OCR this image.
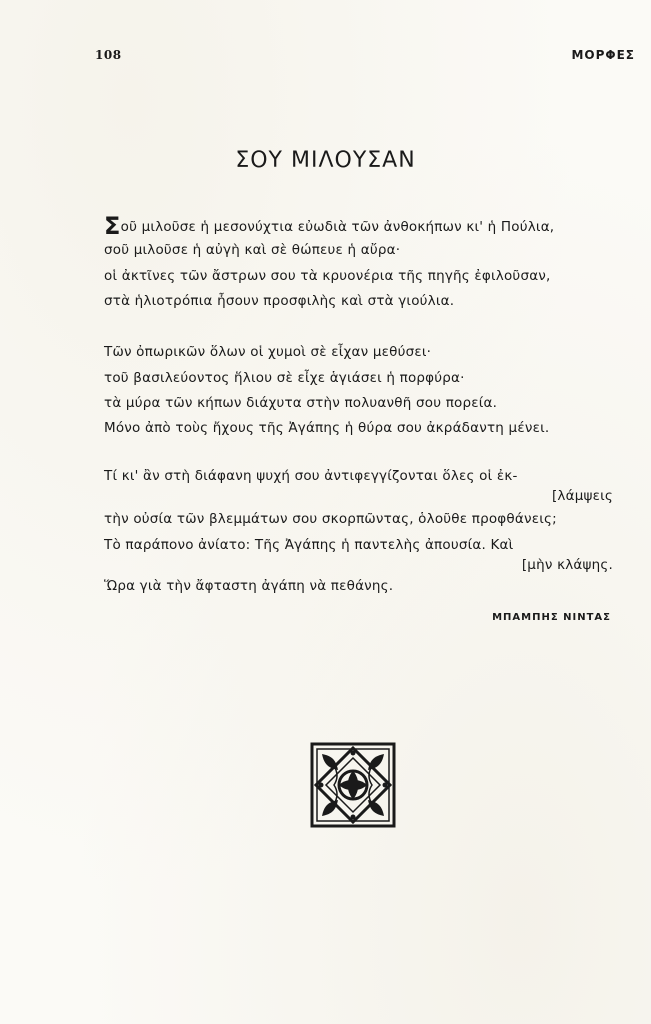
108	ΜΟΡΦΕΣ
ΣΟΥ ΜΙΛΟΥΣΑΝ
Σοῦ μιλοῦσε ἡ μεσονύχτια εὐωδιὰ τῶν ἀνθοκήπων κι' ἡ Πούλια,
σοῦ μιλοῦσε ἡ αὐγὴ καὶ σὲ θώπευε ἡ αὔρα·
οἱ ἀκτῖνες τῶν ἄστρων σου τὰ κρυονέρια τῆς πηγῆς ἐφιλοῦσαν,
στὰ ἡλιοτρόπια ἦσουν προσφιλὴς καὶ στὰ γιούλια.
Τῶν ὀπωρικῶν ὅλων οἱ χυμοὶ σὲ εἶχαν μεθύσει·
τοῦ βασιλεύοντος ἥλιου σὲ εἶχε ἁγιάσει ἡ πορφύρα·
τὰ μύρα τῶν κήπων διάχυτα στὴν πολυανθῆ σου πορεία.
Μόνο ἀπὸ τοὺς ἤχους τῆς Ἀγάπης ἡ θύρα σου ἀκράδαντη μένει.
Τί κι' ἂν στὴ διάφανη ψυχή σου ἀντιφεγγίζονται ὅλες οἱ ἐκ-
[λάμψεις
τὴν οὐσία τῶν βλεμμάτων σου σκορπῶντας, ὁλοῦθε προφθάνεις;
Τὸ παράπονο ἀνίατο: Τῆς Ἀγάπης ἡ παντελὴς ἀπουσία. Καὶ
[μὴν κλάψης.
Ὥρα γιὰ τὴν ἄφταστη ἀγάπη νὰ πεθάνης.
ΜΠΑΜΠΗΣ ΝΙΝΤΑΣ
